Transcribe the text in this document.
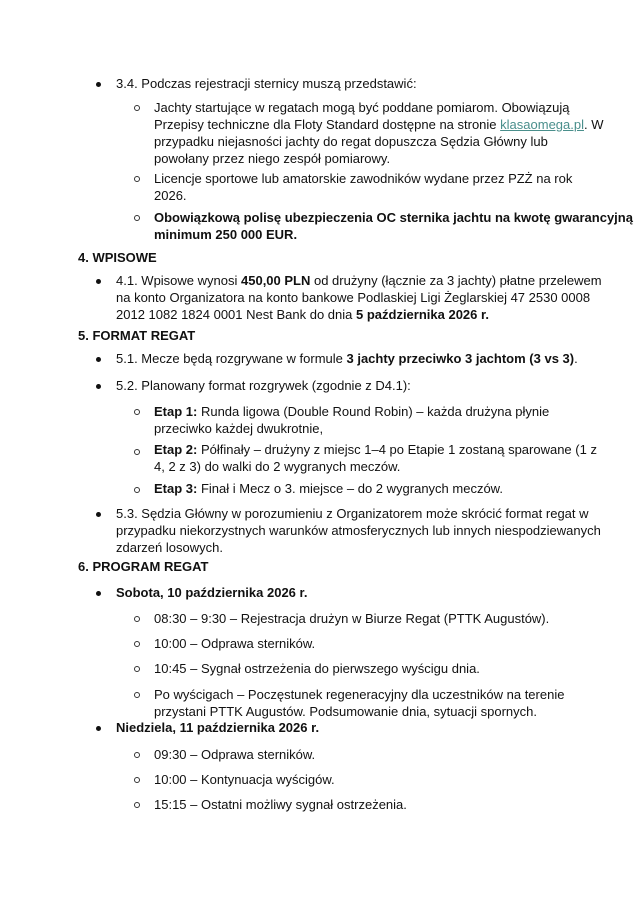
3.4. Podczas rejestracji sternicy muszą przedstawić:
Jachty startujące w regatach mogą być poddane pomiarom. Obowiązują
Przepisy techniczne dla Floty Standard dostępne na stronie klasaomega.pl. W
przypadku niejasności jachty do regat dopuszcza Sędzia Główny lub
powołany przez niego zespół pomiarowy.
Licencje sportowe lub amatorskie zawodników wydane przez PZŻ na rok
2026.
Obowiązkową polisę ubezpieczenia OC sternika jachtu na kwotę gwarancyjną
minimum 250 000 EUR.
4. WPISOWE
4.1. Wpisowe wynosi 450,00 PLN od drużyny (łącznie za 3 jachty) płatne przelewem
na konto Organizatora na konto bankowe Podlaskiej Ligi Żeglarskiej 47 2530 0008
2012 1082 1824 0001 Nest Bank do dnia 5 października 2026 r.
5. FORMAT REGAT
5.1. Mecze będą rozgrywane w formule 3 jachty przeciwko 3 jachtom (3 vs 3).
5.2. Planowany format rozgrywek (zgodnie z D4.1):
Etap 1: Runda ligowa (Double Round Robin) – każda drużyna płynie
przeciwko każdej dwukrotnie,
Etap 2: Półfinały – drużyny z miejsc 1–4 po Etapie 1 zostaną sparowane (1 z
4, 2 z 3) do walki do 2 wygranych meczów.
Etap 3: Finał i Mecz o 3. miejsce – do 2 wygranych meczów.
5.3. Sędzia Główny w porozumieniu z Organizatorem może skrócić format regat w
przypadku niekorzystnych warunków atmosferycznych lub innych niespodziewanych
zdarzeń losowych.
6. PROGRAM REGAT
Sobota, 10 października 2026 r.
08:30 – 9:30 – Rejestracja drużyn w Biurze Regat (PTTK Augustów).
10:00 – Odprawa sterników.
10:45 – Sygnał ostrzeżenia do pierwszego wyścigu dnia.
Po wyścigach – Poczęstunek regeneracyjny dla uczestników na terenie
przystani PTTK Augustów. Podsumowanie dnia, sytuacji spornych.
Niedziela, 11 października 2026 r.
09:30 – Odprawa sterników.
10:00 – Kontynuacja wyścigów.
15:15 – Ostatni możliwy sygnał ostrzeżenia.
